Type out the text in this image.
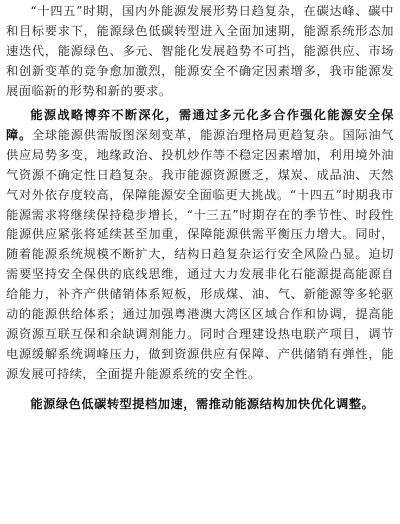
“十四五”时期，国内外能源发展形势日趋复杂，在碳达峰、碳中和目标要求下，能源绿色低碳转型进入全面加速期，能源系统形态加速迭代，能源绿色、多元、智能化发展趋势不可挡，能源供应、市场和创新变革的竞争愈加激烈，能源安全不确定因素增多，我市能源发展面临新的形势和新的要求。

能源战略博弈不断深化，需通过多元化多合作强化能源安全保障。全球能源供需版图深刻变革，能源治理格局更趋复杂。国际油气供应局势多变，地缘政治、投机炒作等不稳定因素增加，利用境外油气资源不确定性日趋复杂。我市能源资源匮乏，煤炭、成品油、天然气对外依存度较高，保障能源安全面临更大挑战。“十四五”时期我市能源需求将继续保持稳步增长，“十三五”时期存在的季节性、时段性能源供应紧张将延续甚至加重，保障能源供需平衡压力增大。同时，随着能源系统规模不断扩大，结构日趋复杂运行安全风险凸显。迫切需要坚持安全保供的底线思维，通过大力发展非化石能源提高能源自给能力，补齐产供储销体系短板，形成煤、油、气、新能源等多轮驱动的能源供给体系；通过加强粤港澳大湾区区域合作和协调，提高能源资源互联互保和余缺调剂能力。同时合理建设热电联产项目，调节电源缓解系统调峰压力，做到资源供应有保障、产供储销有弹性，能源发展可持续，全面提升能源系统的安全性。

能源绿色低碳转型提档加速，需推动能源结构加快优化调整。
